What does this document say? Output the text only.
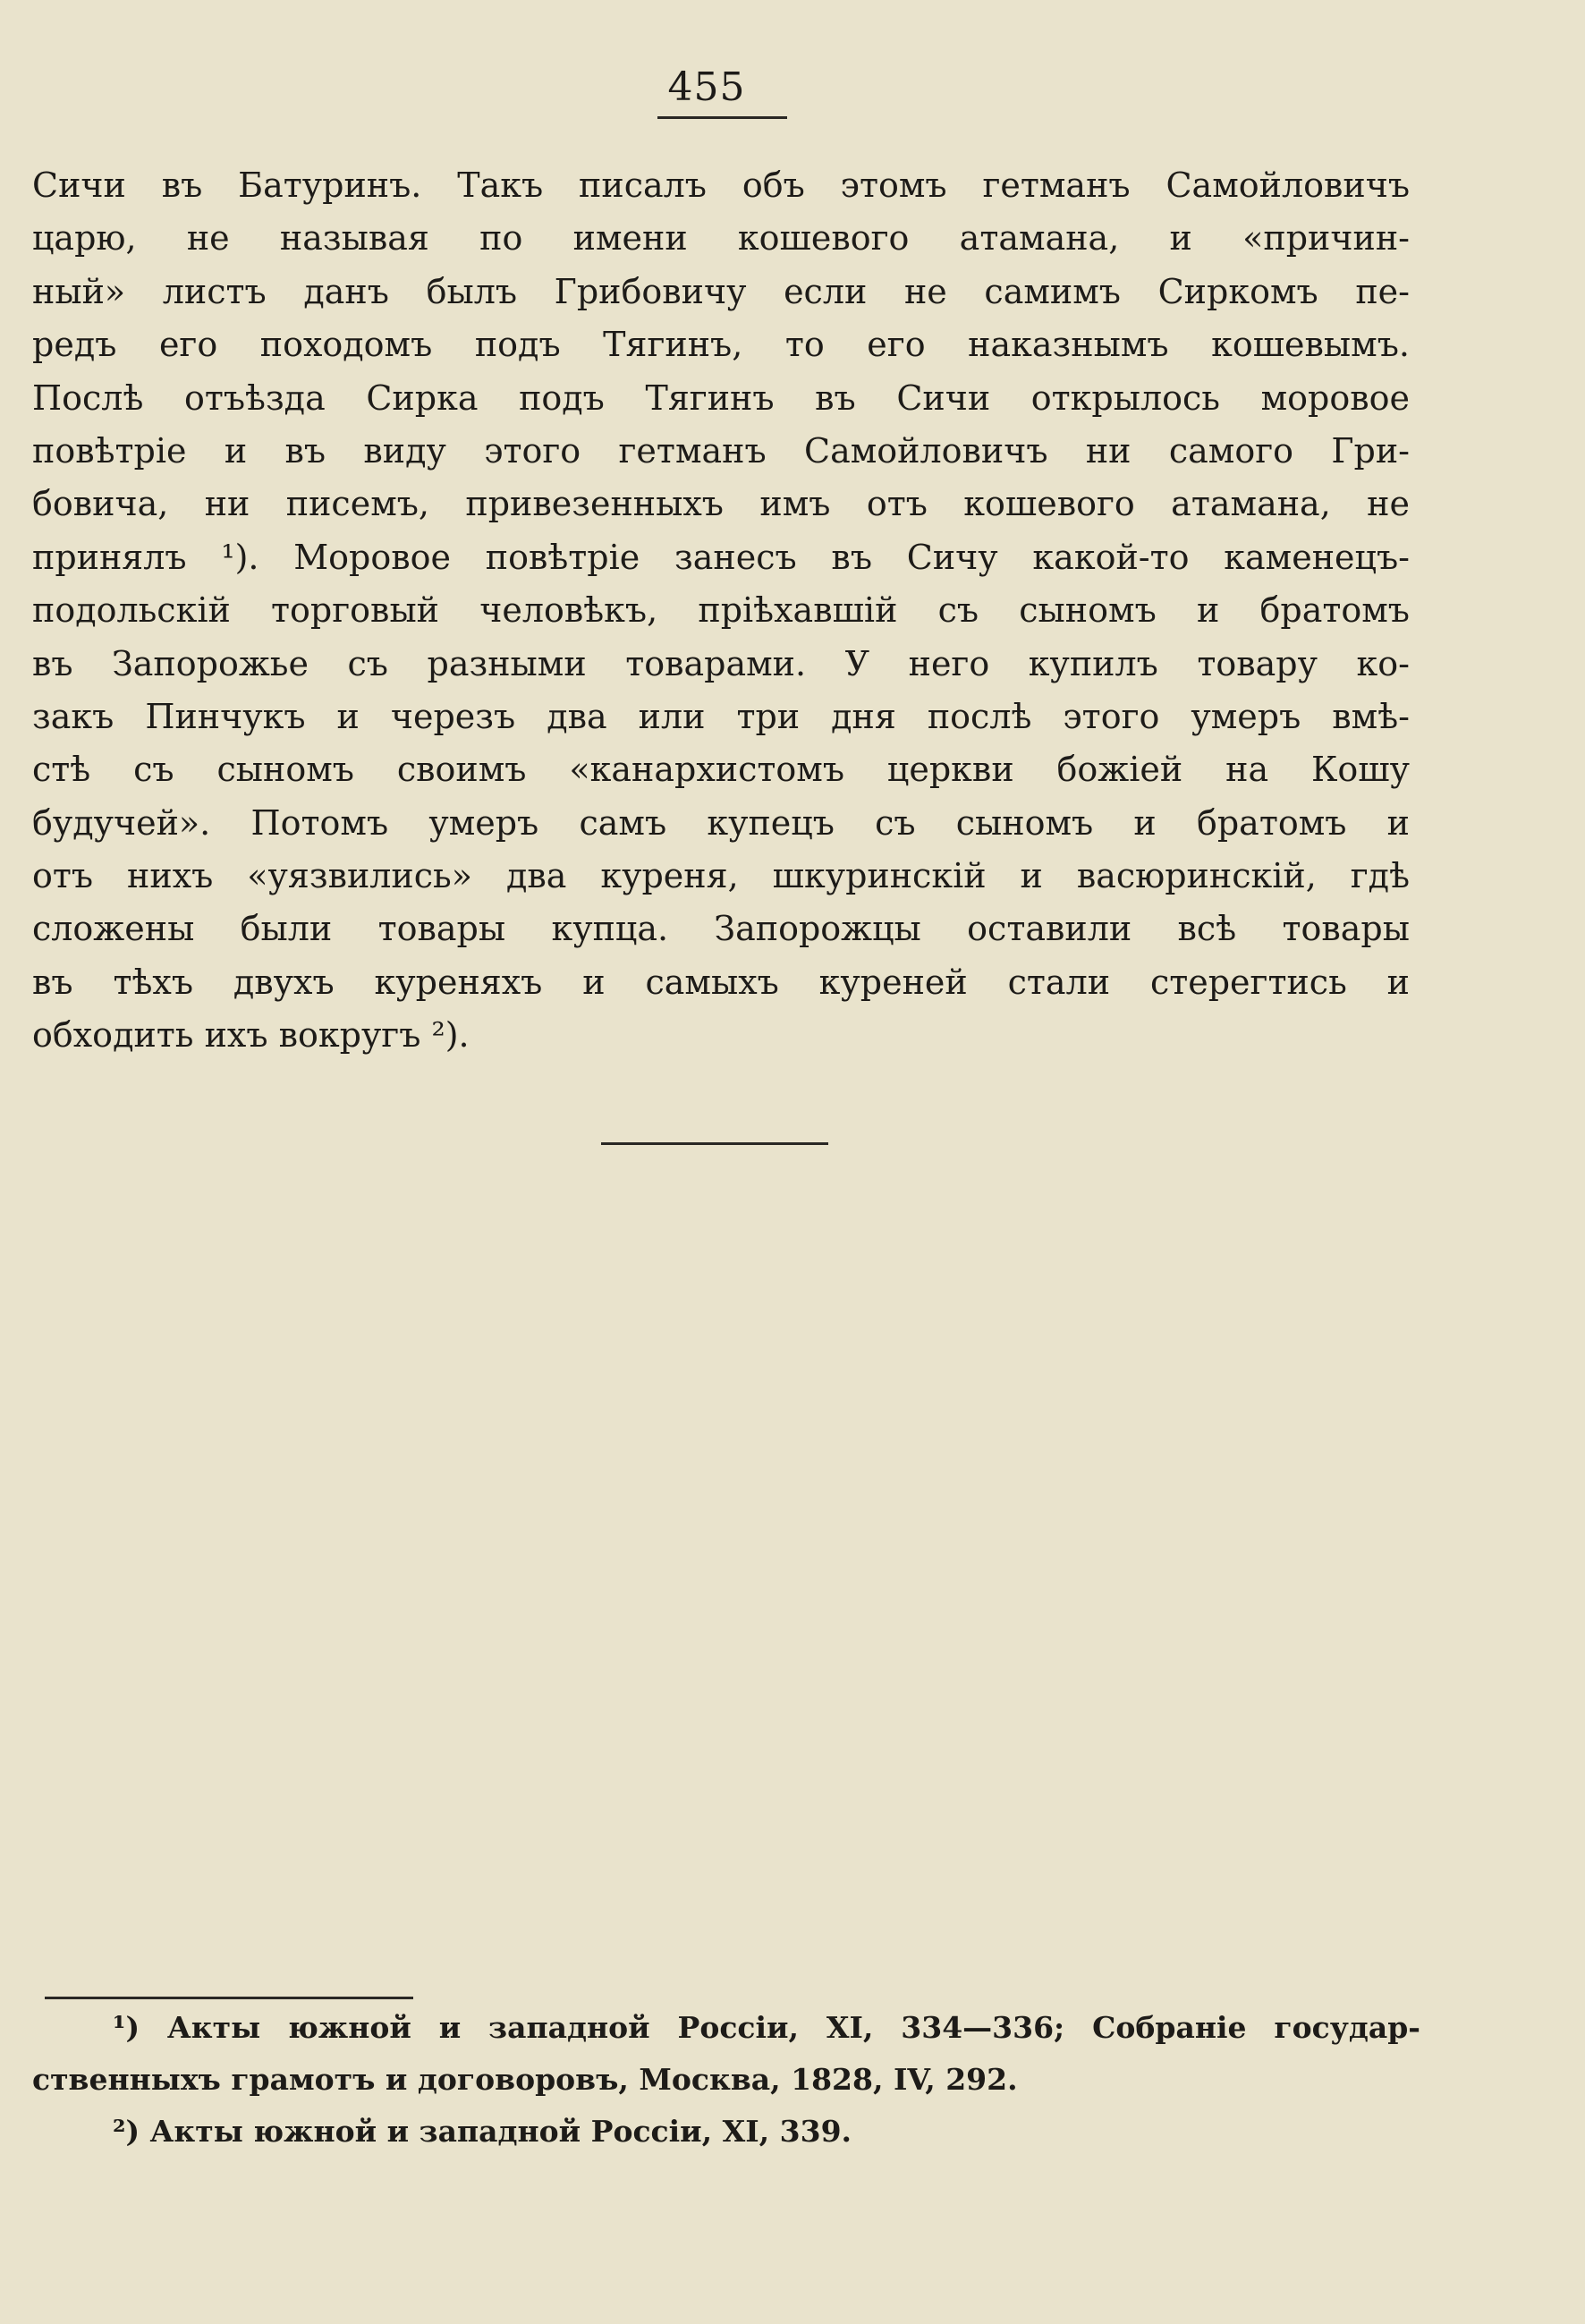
455
Сичи въ Батуринъ. Такъ писалъ объ этомъ гетманъ Самойловичъ
царю, не называя по имени кошевого атамана, и «причин-
ный» листъ данъ былъ Грибовичу если не самимъ Сиркомъ пе-
редъ его походомъ подъ Тягинъ, то его наказнымъ кошевымъ.
Послѣ отъѣзда Сирка подъ Тягинъ въ Сичи открылось моровое
повѣтріе и въ виду этого гетманъ Самойловичъ ни самого Гри-
бовича, ни писемъ, привезенныхъ имъ отъ кошевого атамана, не
принялъ ¹). Моровое повѣтріе занесъ въ Сичу какой-то каменецъ-
подольскій торговый человѣкъ, пріѣхавшій съ сыномъ и братомъ
въ Запорожье съ разными товарами. У него купилъ товару ко-
закъ Пинчукъ и черезъ два или три дня послѣ этого умеръ вмѣ-
стѣ съ сыномъ своимъ «канархистомъ церкви божіей на Кошу
будучей». Потомъ умеръ самъ купецъ съ сыномъ и братомъ и
отъ нихъ «уязвились» два куреня, шкуринскій и васюринскій, гдѣ
сложены были товары купца. Запорожцы оставили всѣ товары
въ тѣхъ двухъ куреняхъ и самыхъ куреней стали стерегтись и
обходить ихъ вокругъ ²).
¹) Акты южной и западной Россіи, XI, 334—336; Собраніе государ-
ственныхъ грамотъ и договоровъ, Москва, 1828, IV, 292.
²) Акты южной и западной Россіи, XI, 339.
